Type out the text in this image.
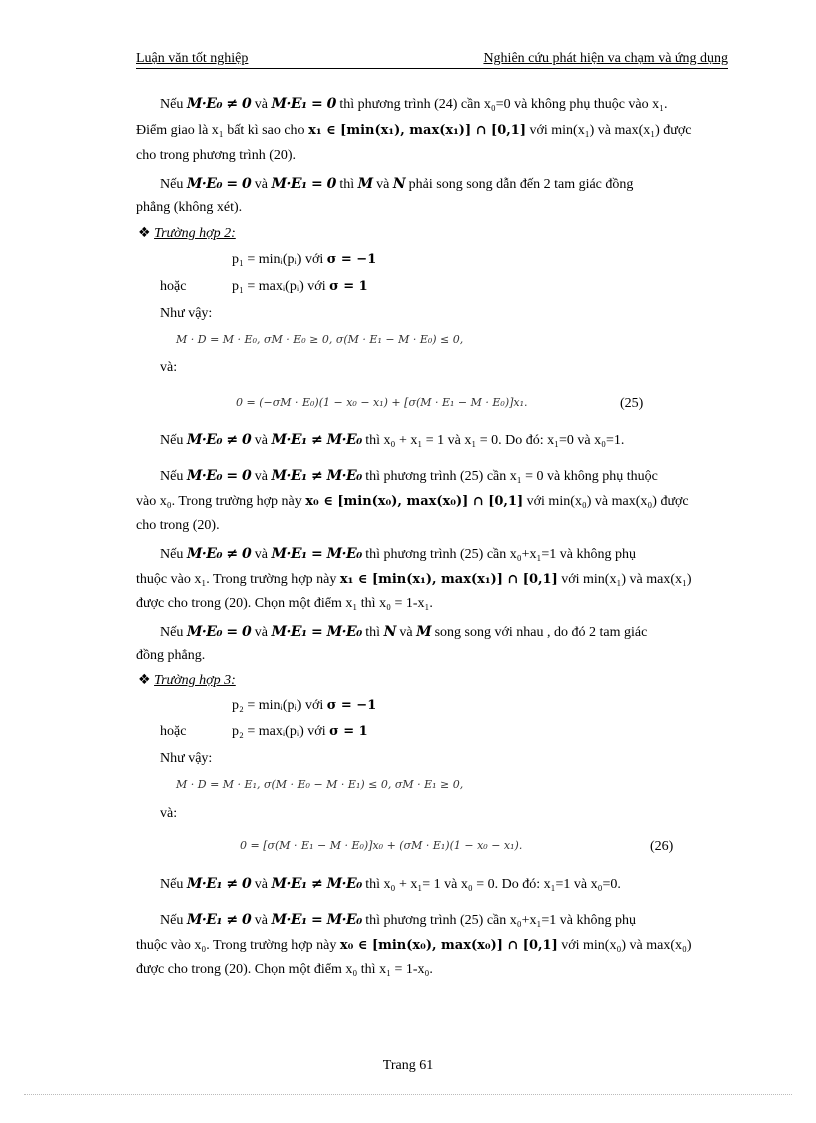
Luận văn tốt nghiệp	Nghiên cứu phát hiện va chạm và ứng dụng
Nếu M·E₀ ≠ 0 và M·E₁ = 0 thì phương trình (24) cần x₀=0 và không phụ thuộc vào x₁.
Điểm giao là x₁ bất kì sao cho x₁ ∈ [min(x₁), max(x₁)] ∩ [0,1] với min(x₁) và max(x₁) được
cho trong phương trình (20).
Nếu M·E₀ = 0 và M·E₁ = 0 thì M và N phải song song dẫn đến 2 tam giác đồng
phẳng (không xét).
❖ Trường hợp 2:
p₁ = minᵢ(pᵢ) với σ = −1
hoặc	p₁ = maxᵢ(pᵢ) với σ = 1
Như vậy:
M · D = M · E₀, σM · E₀ ≥ 0, σ(M · E₁ − M · E₀) ≤ 0,
và:
0 = (−σM · E₀)(1 − x₀ − x₁) + [σ(M · E₁ − M · E₀)]x₁.	(25)
Nếu M·E₀ ≠ 0 và M·E₁ ≠ M·E₀ thì x₀ + x₁ = 1 và x₁ = 0. Do đó: x₁=0 và x₀=1.
Nếu M·E₀ = 0 và M·E₁ ≠ M·E₀ thì phương trình (25) cần x₁ = 0 và không phụ thuộc
vào x₀. Trong trường hợp này x₀ ∈ [min(x₀), max(x₀)] ∩ [0,1] với min(x₀) và max(x₀) được
cho trong (20).
Nếu M·E₀ ≠ 0 và M·E₁ = M·E₀ thì phương trình (25) cần x₀+x₁=1 và không phụ
thuộc vào x₁. Trong trường hợp này x₁ ∈ [min(x₁), max(x₁)] ∩ [0,1] với min(x₁) và max(x₁)
được cho trong (20). Chọn một điểm x₁ thì x₀ = 1-x₁.
Nếu M·E₀ = 0 và M·E₁ = M·E₀ thì N và M song song với nhau , do đó 2 tam giác
đồng phẳng.
❖ Trường hợp 3:
p₂ = minᵢ(pᵢ) với σ = −1
hoặc	p₂ = maxᵢ(pᵢ) với σ = 1
Như vậy:
M · D = M · E₁, σ(M · E₀ − M · E₁) ≤ 0, σM · E₁ ≥ 0,
và:
0 = [σ(M · E₁ − M · E₀)]x₀ + (σM · E₁)(1 − x₀ − x₁).	(26)
Nếu M·E₁ ≠ 0 và M·E₁ ≠ M·E₀ thì x₀ + x₁= 1 và x₀ = 0. Do đó: x₁=1 và x₀=0.
Nếu M·E₁ ≠ 0 và M·E₁ = M·E₀ thì phương trình (25) cần x₀+x₁=1 và không phụ
thuộc vào x₀. Trong trường hợp này x₀ ∈ [min(x₀), max(x₀)] ∩ [0,1] với min(x₀) và max(x₀)
được cho trong (20). Chọn một điểm x₀ thì x₁ = 1-x₀.
Trang 61
